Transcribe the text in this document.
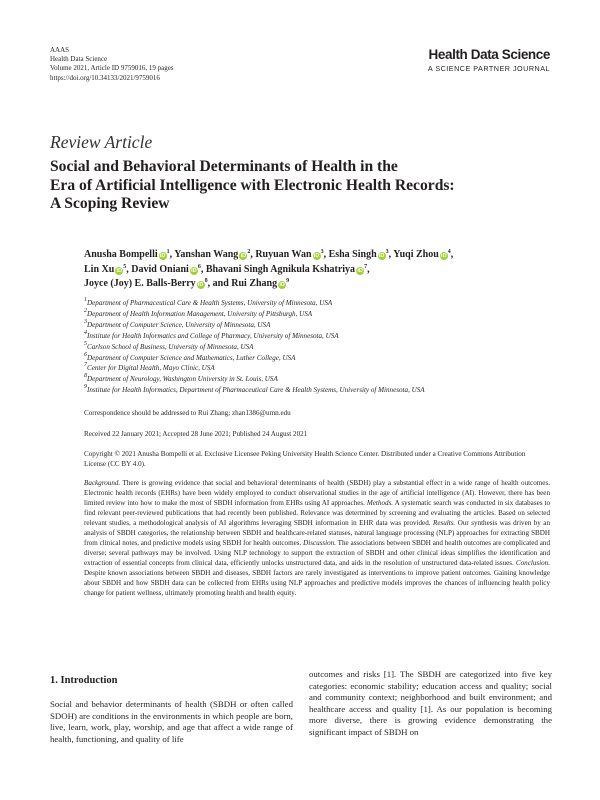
AAAS
Health Data Science
Volume 2021, Article ID 9759016, 19 pages
https://doi.org/10.34133/2021/9759016
Health Data Science
A SCIENCE PARTNER JOURNAL
Review Article
Social and Behavioral Determinants of Health in the
Era of Artificial Intelligence with Electronic Health Records:
A Scoping Review
Anusha Bompelli $iD^1$, Yanshan Wang $iD^2$, Ruyuan Wan $iD^3$, Esha Singh $iD^3$, Yuqi Zhou $iD^4$,
Lin Xu $iD^5$, David Oniani $iD^6$, Bhavani Singh Agnikula Kshatriya $iD^7$,
Joyce (Joy) E. Balls-Berry $iD^8$, and Rui Zhang $iD^9$
$^1$Department of Pharmaceutical Care & Health Systems, University of Minnesota, USA
$^2$Department of Health Information Management, University of Pittsburgh, USA
$^3$Department of Computer Science, University of Minnesota, USA
$^4$Institute for Health Informatics and College of Pharmacy, University of Minnesota, USA
$^5$Carlson School of Business, University of Minnesota, USA
$^6$Department of Computer Science and Mathematics, Luther College, USA
$^7$Center for Digital Health, Mayo Clinic, USA
$^8$Department of Neurology, Washington University in St. Louis, USA
$^9$Institute for Health Informatics, Department of Pharmaceutical Care & Health Systems, University of Minnesota, USA
Correspondence should be addressed to Rui Zhang; zhan1386@umn.edu
Received 22 January 2021; Accepted 28 June 2021; Published 24 August 2021
Copyright © 2021 Anusha Bompelli et al. Exclusive Licensee Peking University Health Science Center. Distributed under a Creative Commons Attribution License (CC BY 4.0).
Background. There is growing evidence that social and behavioral determinants of health (SBDH) play a substantial effect in a wide range of health outcomes. Electronic health records (EHRs) have been widely employed to conduct observational studies in the age of artificial intelligence (AI). However, there has been limited review into how to make the most of SBDH information from EHRs using AI approaches. Methods. A systematic search was conducted in six databases to find relevant peer-reviewed publications that had recently been published. Relevance was determined by screening and evaluating the articles. Based on selected relevant studies, a methodological analysis of AI algorithms leveraging SBDH information in EHR data was provided. Results. Our synthesis was driven by an analysis of SBDH categories, the relationship between SBDH and healthcare-related statuses, natural language processing (NLP) approaches for extracting SBDH from clinical notes, and predictive models using SBDH for health outcomes. Discussion. The associations between SBDH and health outcomes are complicated and diverse; several pathways may be involved. Using NLP technology to support the extraction of SBDH and other clinical ideas simplifies the identification and extraction of essential concepts from clinical data, efficiently unlocks unstructured data, and aids in the resolution of unstructured data-related issues. Conclusion. Despite known associations between SBDH and diseases, SBDH factors are rarely investigated as interventions to improve patient outcomes. Gaining knowledge about SBDH and how SBDH data can be collected from EHRs using NLP approaches and predictive models improves the chances of influencing health policy change for patient wellness, ultimately promoting health and health equity.
1. Introduction
Social and behavior determinants of health (SBDH or often called SDOH) are conditions in the environments in which people are born, live, learn, work, play, worship, and age that affect a wide range of health, functioning, and quality of life
outcomes and risks [1]. The SBDH are categorized into five key categories: economic stability; education access and quality; social and community context; neighborhood and built environment; and healthcare access and quality [1]. As our population is becoming more diverse, there is growing evidence demonstrating the significant impact of SBDH on
